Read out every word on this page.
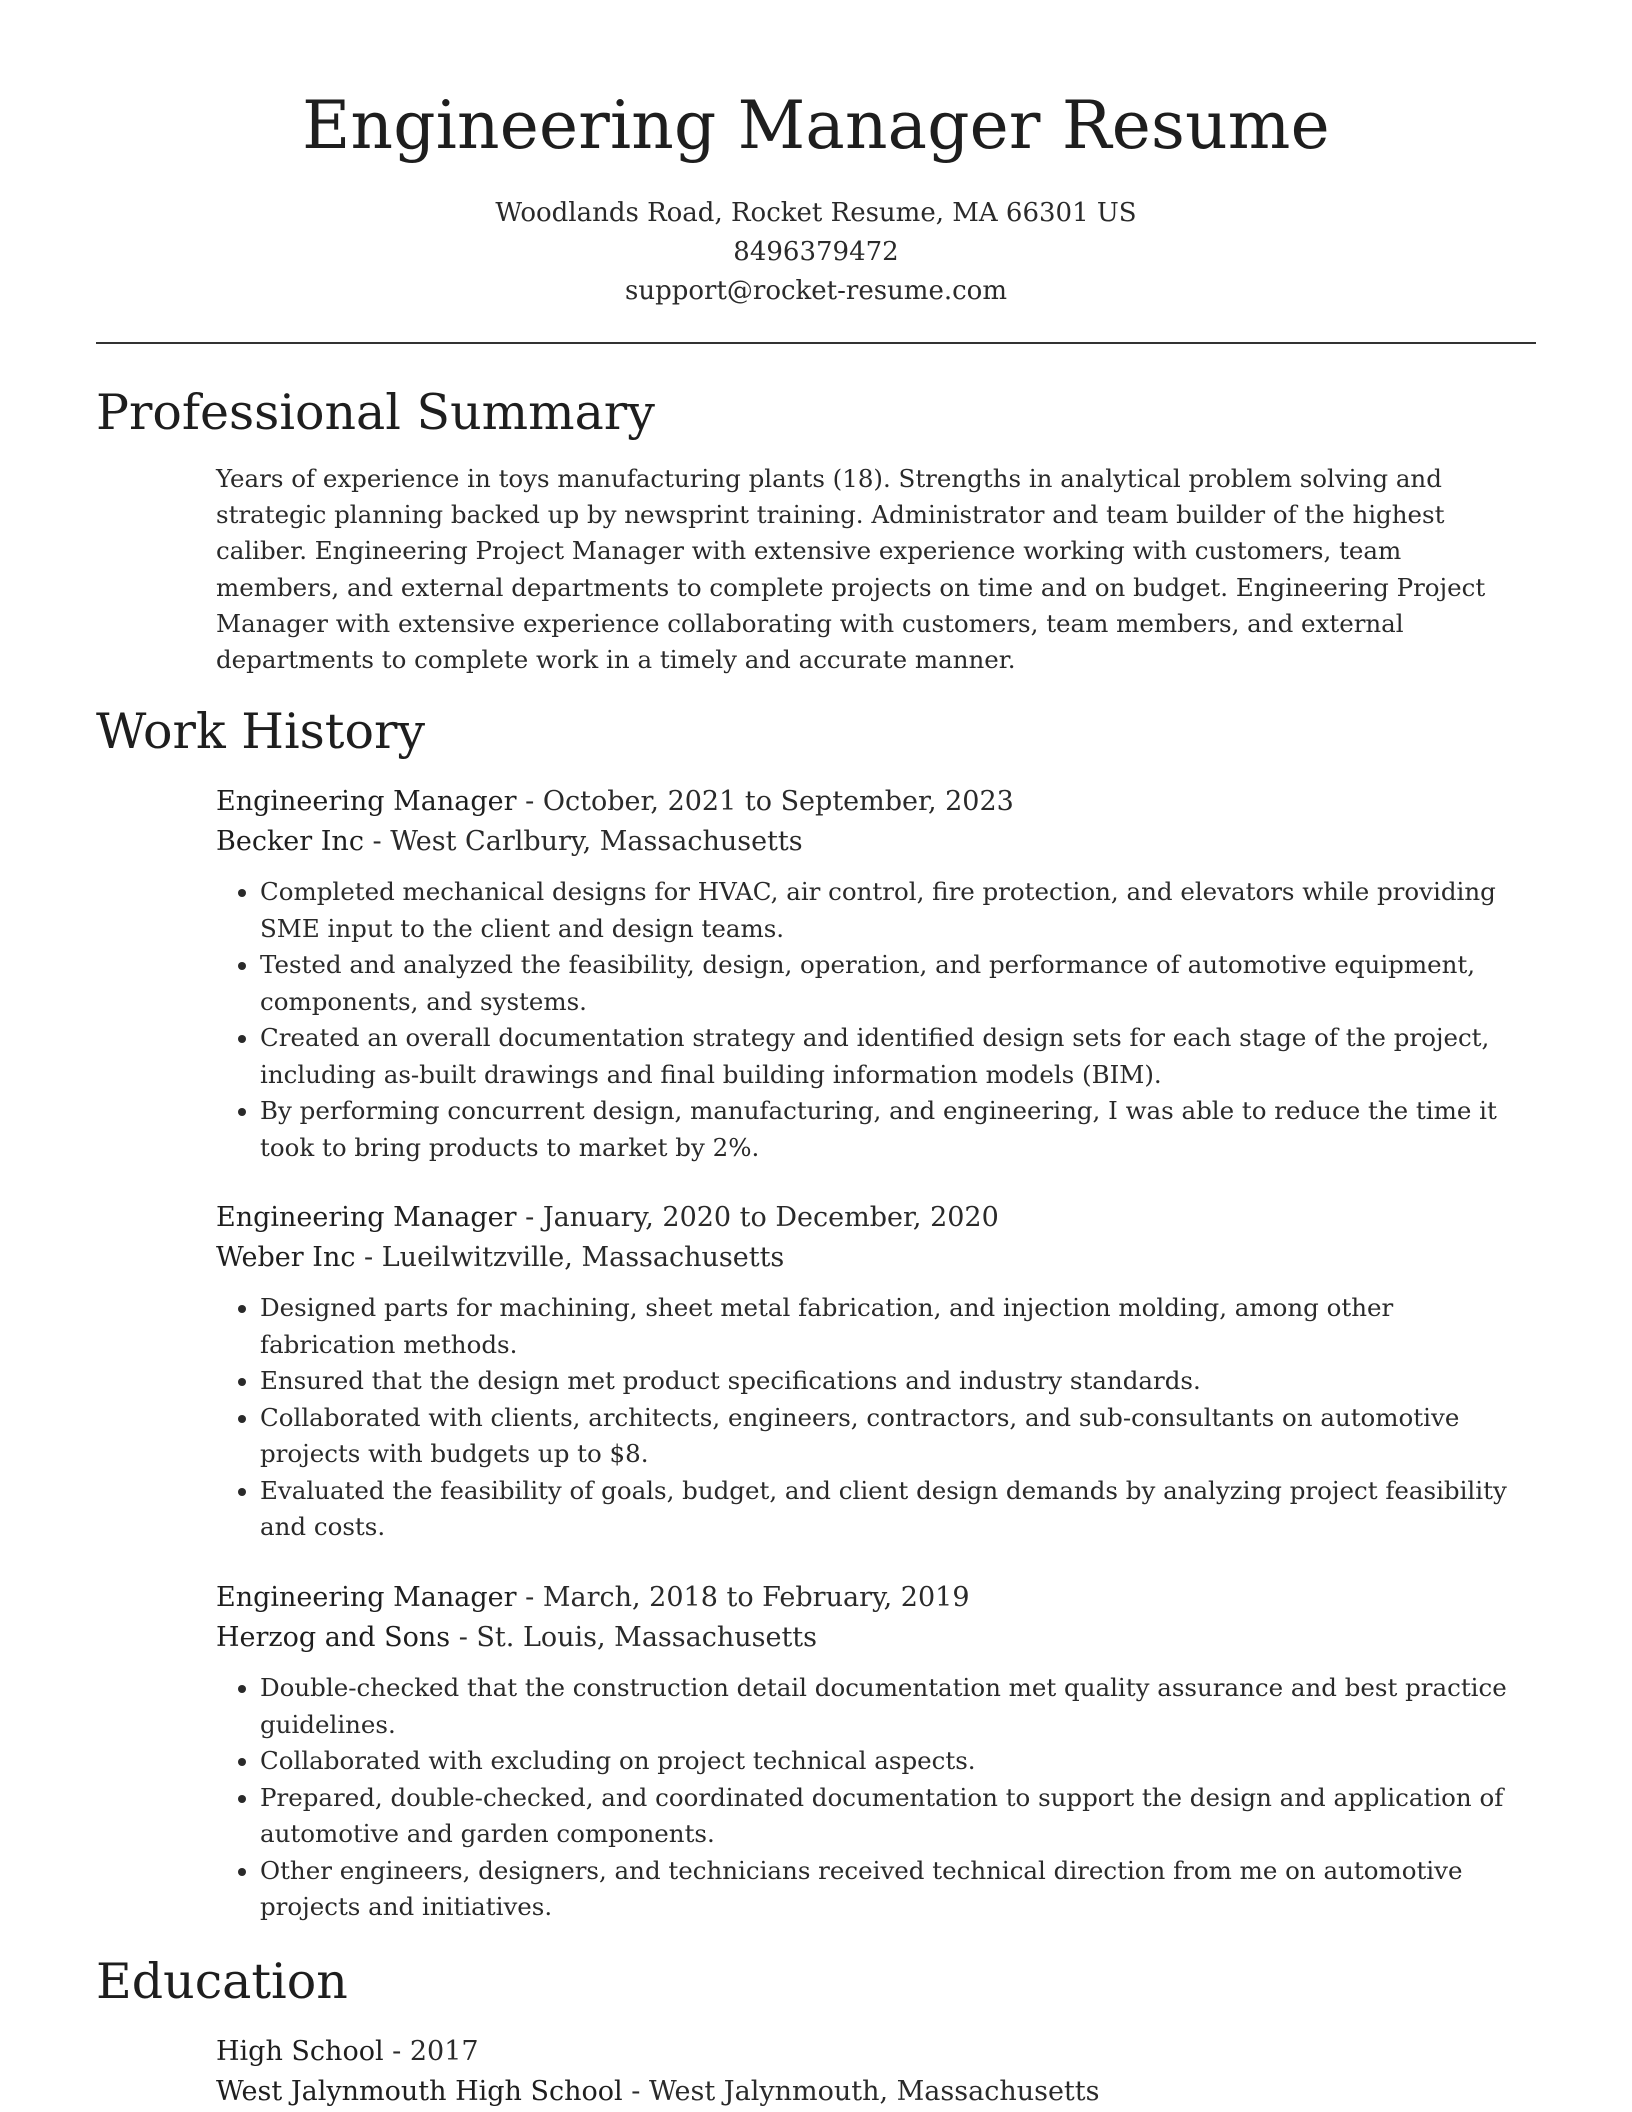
Engineering Manager Resume
Woodlands Road, Rocket Resume, MA 66301 US
8496379472
support@rocket-resume.com
Professional Summary

Years of experience in toys manufacturing plants (18). Strengths in analytical problem solving and strategic planning backed up by newsprint training. Administrator and team builder of the highest caliber. Engineering Project Manager with extensive experience working with customers, team members, and external departments to complete projects on time and on budget. Engineering Project Manager with extensive experience collaborating with customers, team members, and external departments to complete work in a timely and accurate manner.

Work History
Engineering Manager - October, 2021 to September, 2023
Becker Inc - West Carlbury, Massachusetts
• Completed mechanical designs for HVAC, air control, fire protection, and elevators while providing SME input to the client and design teams.
• Tested and analyzed the feasibility, design, operation, and performance of automotive equipment, components, and systems.
• Created an overall documentation strategy and identified design sets for each stage of the project, including as-built drawings and final building information models (BIM).
• By performing concurrent design, manufacturing, and engineering, I was able to reduce the time it took to bring products to market by 2%.
Engineering Manager - January, 2020 to December, 2020
Weber Inc - Lueilwitzville, Massachusetts
• Designed parts for machining, sheet metal fabrication, and injection molding, among other fabrication methods.
• Ensured that the design met product specifications and industry standards.
• Collaborated with clients, architects, engineers, contractors, and sub-consultants on automotive projects with budgets up to $8.
• Evaluated the feasibility of goals, budget, and client design demands by analyzing project feasibility and costs.
Engineering Manager - March, 2018 to February, 2019
Herzog and Sons - St. Louis, Massachusetts
• Double-checked that the construction detail documentation met quality assurance and best practice guidelines.
• Collaborated with excluding on project technical aspects.
• Prepared, double-checked, and coordinated documentation to support the design and application of automotive and garden components.
• Other engineers, designers, and technicians received technical direction from me on automotive projects and initiatives.
Education
High School - 2017
West Jalynmouth High School - West Jalynmouth, Massachusetts
